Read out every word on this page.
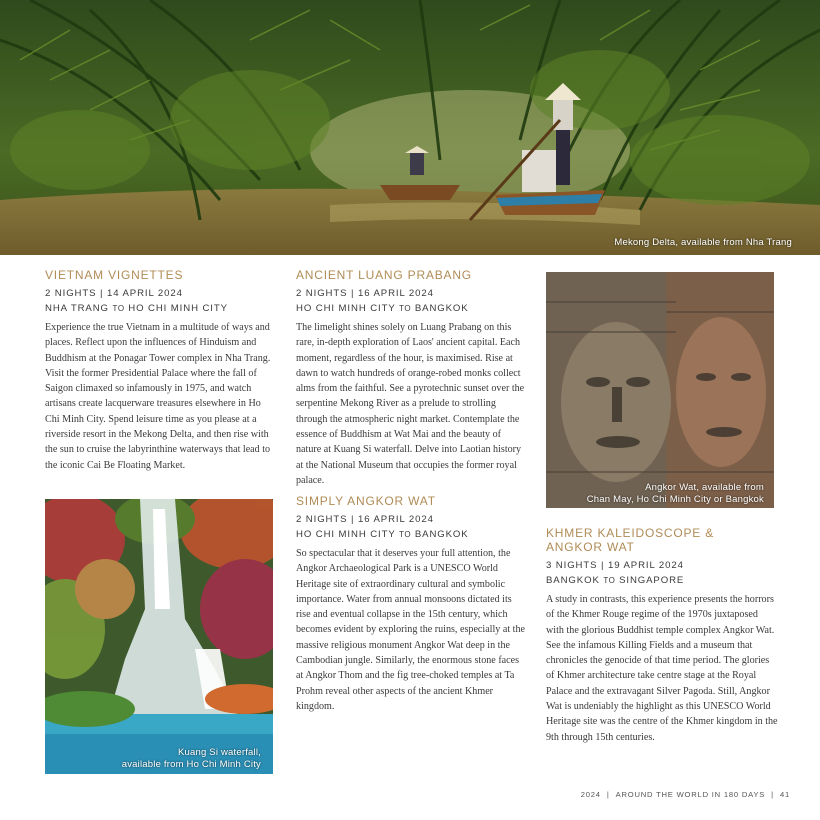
Mekong Delta, available from Nha Trang
VIETNAM VIGNETTES
2 NIGHTS | 14 APRIL 2024
NHA TRANG TO HO CHI MINH CITY
Experience the true Vietnam in a multitude of ways and places. Reflect upon the influences of Hinduism and Buddhism at the Ponagar Tower complex in Nha Trang. Visit the former Presidential Palace where the fall of Saigon climaxed so infamously in 1975, and watch artisans create lacquerware treasures elsewhere in Ho Chi Minh City. Spend leisure time as you please at a riverside resort in the Mekong Delta, and then rise with the sun to cruise the labyrinthine waterways that lead to the iconic Cai Be Floating Market.
Kuang Si waterfall,
available from Ho Chi Minh City
ANCIENT LUANG PRABANG
2 NIGHTS | 16 APRIL 2024
HO CHI MINH CITY TO BANGKOK
The limelight shines solely on Luang Prabang on this rare, in-depth exploration of Laos' ancient capital. Each moment, regardless of the hour, is maximised. Rise at dawn to watch hundreds of orange-robed monks collect alms from the faithful. See a pyrotechnic sunset over the serpentine Mekong River as a prelude to strolling through the atmospheric night market. Contemplate the essence of Buddhism at Wat Mai and the beauty of nature at Kuang Si waterfall. Delve into Laotian history at the National Museum that occupies the former royal palace.
SIMPLY ANGKOR WAT
2 NIGHTS | 16 APRIL 2024
HO CHI MINH CITY TO BANGKOK
So spectacular that it deserves your full attention, the Angkor Archaeological Park is a UNESCO World Heritage site of extraordinary cultural and symbolic importance. Water from annual monsoons dictated its rise and eventual collapse in the 15th century, which becomes evident by exploring the ruins, especially at the massive religious monument Angkor Wat deep in the Cambodian jungle. Similarly, the enormous stone faces at Angkor Thom and the fig tree-choked temples at Ta Prohm reveal other aspects of the ancient Khmer kingdom.
Angkor Wat, available from
Chan May, Ho Chi Minh City or Bangkok
KHMER KALEIDOSCOPE & ANGKOR WAT
3 NIGHTS | 19 APRIL 2024
BANGKOK TO SINGAPORE
A study in contrasts, this experience presents the horrors of the Khmer Rouge regime of the 1970s juxtaposed with the glorious Buddhist temple complex Angkor Wat. See the infamous Killing Fields and a museum that chronicles the genocide of that time period. The glories of Khmer architecture take centre stage at the Royal Palace and the extravagant Silver Pagoda. Still, Angkor Wat is undeniably the highlight as this UNESCO World Heritage site was the centre of the Khmer kingdom in the 9th through 15th centuries.
2024 | AROUND THE WORLD IN 180 DAYS | 41
